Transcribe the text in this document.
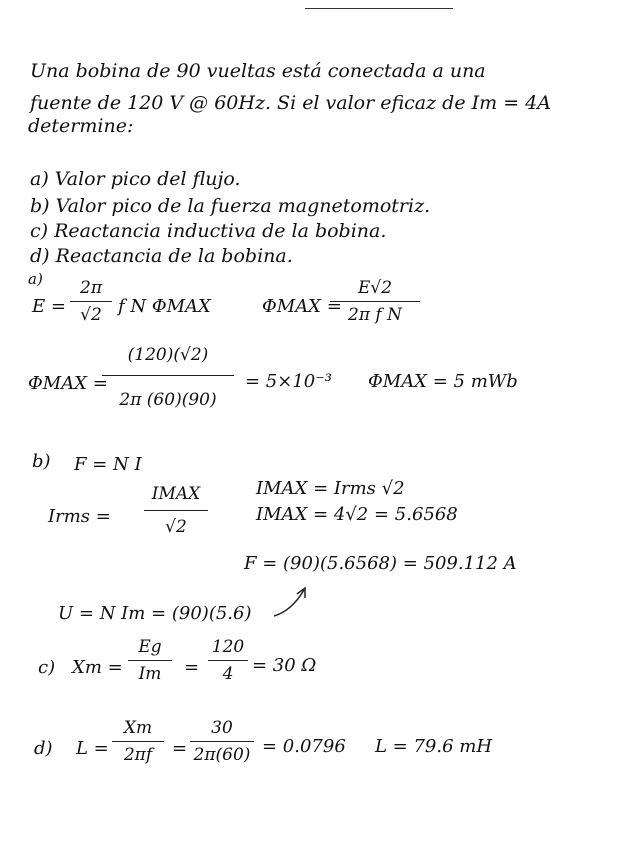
Una bobina de 90 vueltas está conectada a una
fuente de 120 V @ 60Hz. Si el valor eficaz de Im = 4A
determine:
a) Valor pico del flujo.
b) Valor pico de la fuerza magnetomotriz.
c) Reactancia inductiva de la bobina.
d) Reactancia de la bobina.
a)
E =
2π
√2 f N ΦMAX	ΦMAX =
E√2
2π f N
ΦMAX =
(120)(√2)
2π (60)(90)
= 5×10⁻³ ΦMAX = 5 mWb
b) F = N I
Irms =
IMAX
√2
IMAX = Irms √2
IMAX = 4√2 = 5.6568
F = (90)(5.6568) = 509.112 A
U = N Im = (90)(5.6)
c) Xm =
Eg
Im =
120
4 = 30 Ω
d) L =
Xm
2πf =
30
2π(60) = 0.0796 L = 79.6 mH
